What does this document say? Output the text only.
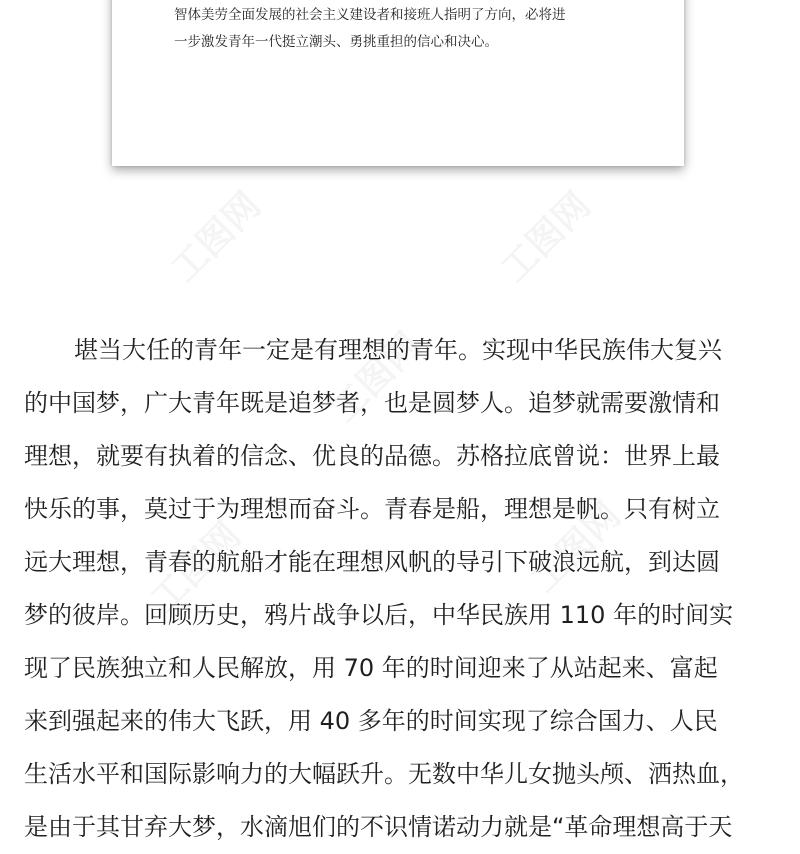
智体美劳全面发展的社会主义建设者和接班人指明了方向，必将进
一步激发青年一代挺立潮头、勇挑重担的信心和决心。
工图网	工图网
工图网
工图网	工图网
堪当大任的青年一定是有理想的青年。实现中华民族伟大复兴
的中国梦，广大青年既是追梦者，也是圆梦人。追梦就需要激情和
理想，就要有执着的信念、优良的品德。苏格拉底曾说：世界上最
快乐的事，莫过于为理想而奋斗。青春是船，理想是帆。只有树立
远大理想，青春的航船才能在理想风帆的导引下破浪远航，到达圆
梦的彼岸。回顾历史，鸦片战争以后，中华民族用 110 年的时间实
现了民族独立和人民解放，用 70 年的时间迎来了从站起来、富起
来到强起来的伟大飞跃，用 40 多年的时间实现了综合国力、人民
生活水平和国际影响力的大幅跃升。无数中华儿女抛头颅、洒热血，
是由于其甘弃大梦，水滴旭们的不识情诺动力就是“革命理想高于天
